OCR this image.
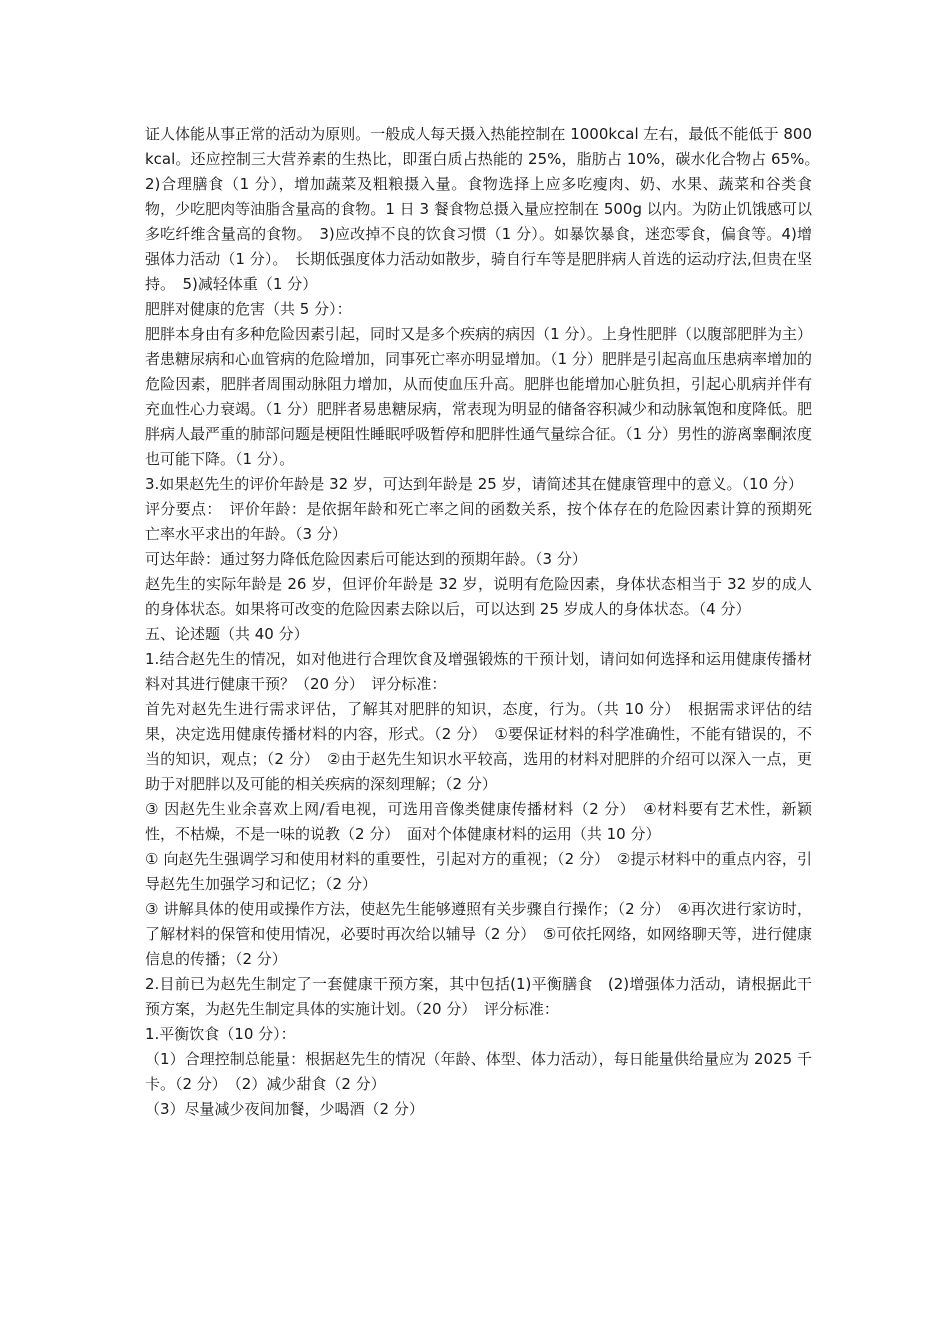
证人体能从事正常的活动为原则。一般成人每天摄入热能控制在 1000kcal 左右，最低不能低于 800kcal。还应控制三大营养素的生热比，即蛋白质占热能的 25%，脂肪占 10%，碳水化合物占 65%。　2)合理膳食（1 分），增加蔬菜及粗粮摄入量。食物选择上应多吃瘦肉、奶、水果、蔬菜和谷类食物，少吃肥肉等油脂含量高的食物。1 日 3 餐食物总摄入量应控制在 500g 以内。为防止饥饿感可以多吃纤维含量高的食物。　3)应改掉不良的饮食习惯（1 分）。如暴饮暴食，迷恋零食，偏食等。4)增强体力活动（1 分）。　长期低强度体力活动如散步，骑自行车等是肥胖病人首选的运动疗法,但贵在坚持。　5)减轻体重（1 分）

肥胖对健康的危害（共 5 分）：

肥胖本身由有多种危险因素引起，同时又是多个疾病的病因（1 分）。上身性肥胖（以腹部肥胖为主）者患糖尿病和心血管病的危险增加，同事死亡率亦明显增加。（1 分）肥胖是引起高血压患病率增加的危险因素，肥胖者周围动脉阻力增加，从而使血压升高。肥胖也能增加心脏负担，引起心肌病并伴有充血性心力衰竭。（1 分）肥胖者易患糖尿病，常表现为明显的储备容积减少和动脉氧饱和度降低。肥胖病人最严重的肺部问题是梗阻性睡眠呼吸暂停和肥胖性通气量综合征。（1 分）男性的游离睾酮浓度也可能下降。（1 分）。

3.如果赵先生的评价年龄是 32 岁，可达到年龄是 25 岁，请简述其在健康管理中的意义。（10 分）

评分要点：　评价年龄：是依据年龄和死亡率之间的函数关系，按个体存在的危险因素计算的预期死亡率水平求出的年龄。（3 分）

可达年龄：通过努力降低危险因素后可能达到的预期年龄。（3 分）

赵先生的实际年龄是 26 岁，但评价年龄是 32 岁，说明有危险因素，身体状态相当于 32 岁的成人的身体状态。如果将可改变的危险因素去除以后，可以达到 25 岁成人的身体状态。（4 分）

五、论述题（共 40 分）

1.结合赵先生的情况，如对他进行合理饮食及增强锻炼的干预计划，请问如何选择和运用健康传播材料对其进行健康干预？（20 分）　评分标准：

首先对赵先生进行需求评估，了解其对肥胖的知识，态度，行为。（共 10 分）　根据需求评估的结果，决定选用健康传播材料的内容，形式。（2 分）　①要保证材料的科学准确性，不能有错误的，不当的知识，观点；（2 分）　②由于赵先生知识水平较高，选用的材料对肥胖的介绍可以深入一点，更助于对肥胖以及可能的相关疾病的深刻理解；（2 分）

③ 因赵先生业余喜欢上网/看电视，可选用音像类健康传播材料（2 分）　④材料要有艺术性，新颖性，不枯燥，不是一味的说教（2 分）　面对个体健康材料的运用（共 10 分）

① 向赵先生强调学习和使用材料的重要性，引起对方的重视；（2 分）　②提示材料中的重点内容，引导赵先生加强学习和记忆；（2 分）

③ 讲解具体的使用或操作方法，使赵先生能够遵照有关步骤自行操作；（2 分）　④再次进行家访时，了解材料的保管和使用情况，必要时再次给以辅导（2 分）　⑤可依托网络，如网络聊天等，进行健康信息的传播；（2 分）

2.目前已为赵先生制定了一套健康干预方案，其中包括(1)平衡膳食　(2)增强体力活动，请根据此干预方案，为赵先生制定具体的实施计划。（20 分）　评分标准：

1.平衡饮食（10 分）：

（1）合理控制总能量：根据赵先生的情况（年龄、体型、体力活动），每日能量供给量应为 2025 千卡。（2 分）　（2）减少甜食（2 分）

（3）尽量减少夜间加餐，少喝酒（2 分）
